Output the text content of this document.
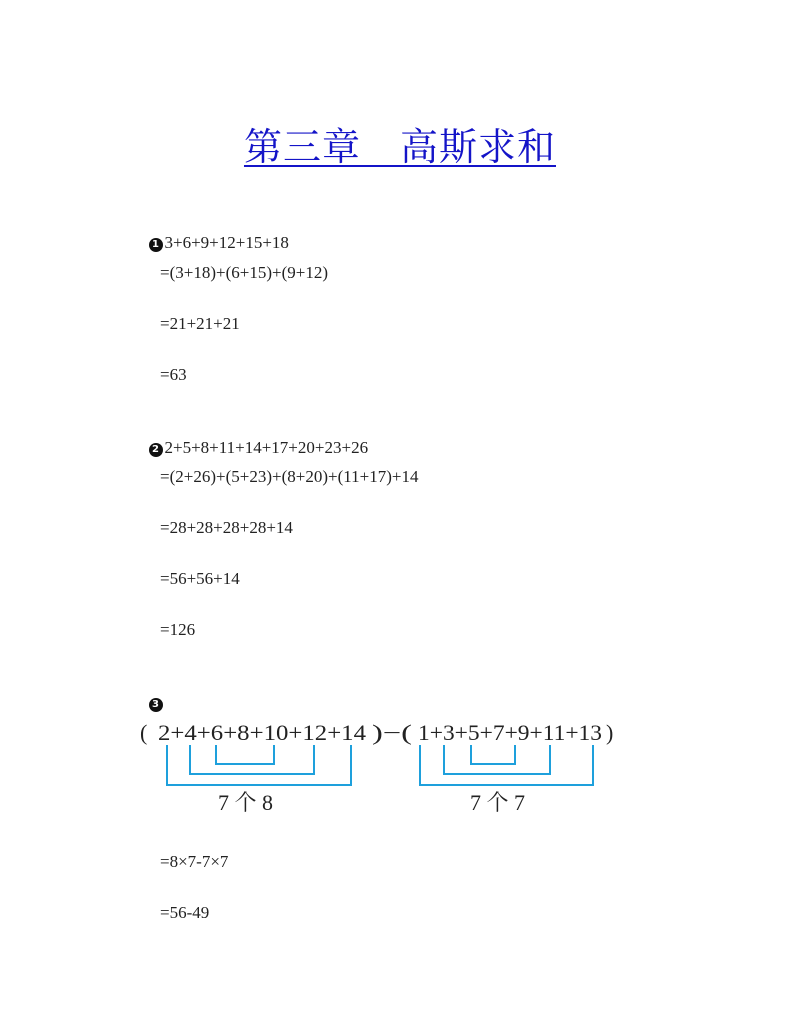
第三章　高斯求和

1 3+6+9+12+15+18

=(3+18)+(6+15)+(9+12)
=21+21+21
=63

2 2+5+8+11+14+17+20+23+26

=(2+26)+(5+23)+(8+20)+(11+17)+14
=28+28+28+28+14
=56+56+14
=126

3

( 2+4+6+8+10+12+14 )−( 1+3+5+7+9+11+13 )
7 个 8	7 个 7
=8×7-7×7
=56-49
